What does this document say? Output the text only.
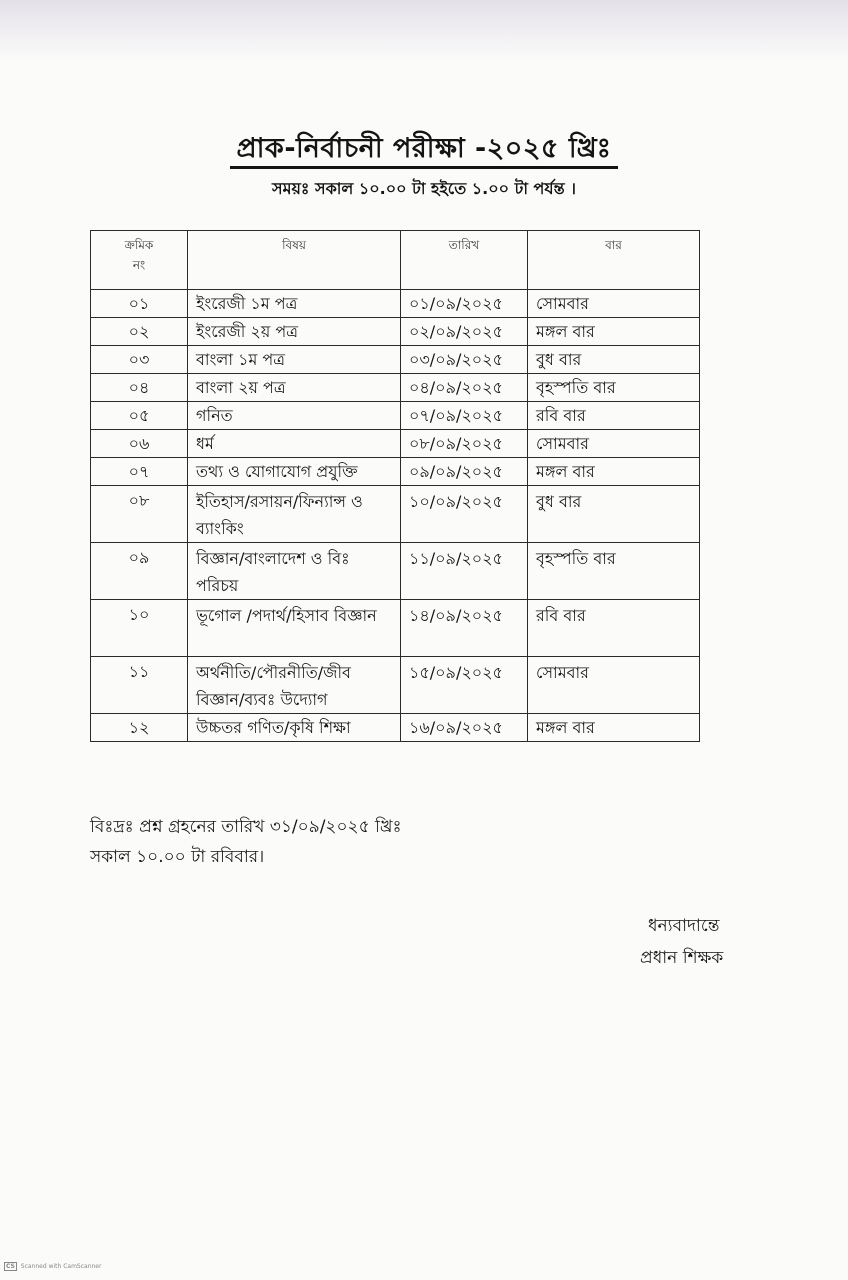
প্রাক-নির্বাচনী পরীক্ষা -২০২৫ খ্রিঃ
সময়ঃ সকাল ১০.০০ টা হইতে ১.০০ টা পর্যন্ত ।
ক্রমিক
নং	বিষয়	তারিখ	বার
০১	ইংরেজী ১ম পত্র	০১/০৯/২০২৫	সোমবার
০২	ইংরেজী ২য় পত্র	০২/০৯/২০২৫	মঙ্গল বার
০৩	বাংলা ১ম পত্র	০৩/০৯/২০২৫	বুধ বার
০৪	বাংলা ২য় পত্র	০৪/০৯/২০২৫	বৃহস্পতি বার
০৫	গনিত	০৭/০৯/২০২৫	রবি বার
০৬	ধর্ম	০৮/০৯/২০২৫	সোমবার
০৭	তথ্য ও যোগাযোগ প্রযুক্তি	০৯/০৯/২০২৫	মঙ্গল বার
০৮	ইতিহাস/রসায়ন/ফিন্যান্স ও ব্যাংকিং	১০/০৯/২০২৫	বুধ বার
০৯	বিজ্ঞান/বাংলাদেশ ও বিঃ পরিচয়	১১/০৯/২০২৫	বৃহস্পতি বার
১০	ভূগোল /পদার্থ/হিসাব বিজ্ঞান	১৪/০৯/২০২৫	রবি বার
১১	অর্থনীতি/পৌরনীতি/জীব বিজ্ঞান/ব্যবঃ উদ্যোগ	১৫/০৯/২০২৫	সোমবার
১২	উচ্চতর গণিত/কৃষি শিক্ষা	১৬/০৯/২০২৫	মঙ্গল বার
বিঃদ্রঃ প্রশ্ন গ্রহনের তারিখ ৩১/০৯/২০২৫ খ্রিঃ
সকাল ১০.০০ টা রবিবার।
ধন্যবাদান্তে
প্রধান শিক্ষক
CS Scanned with CamScanner
